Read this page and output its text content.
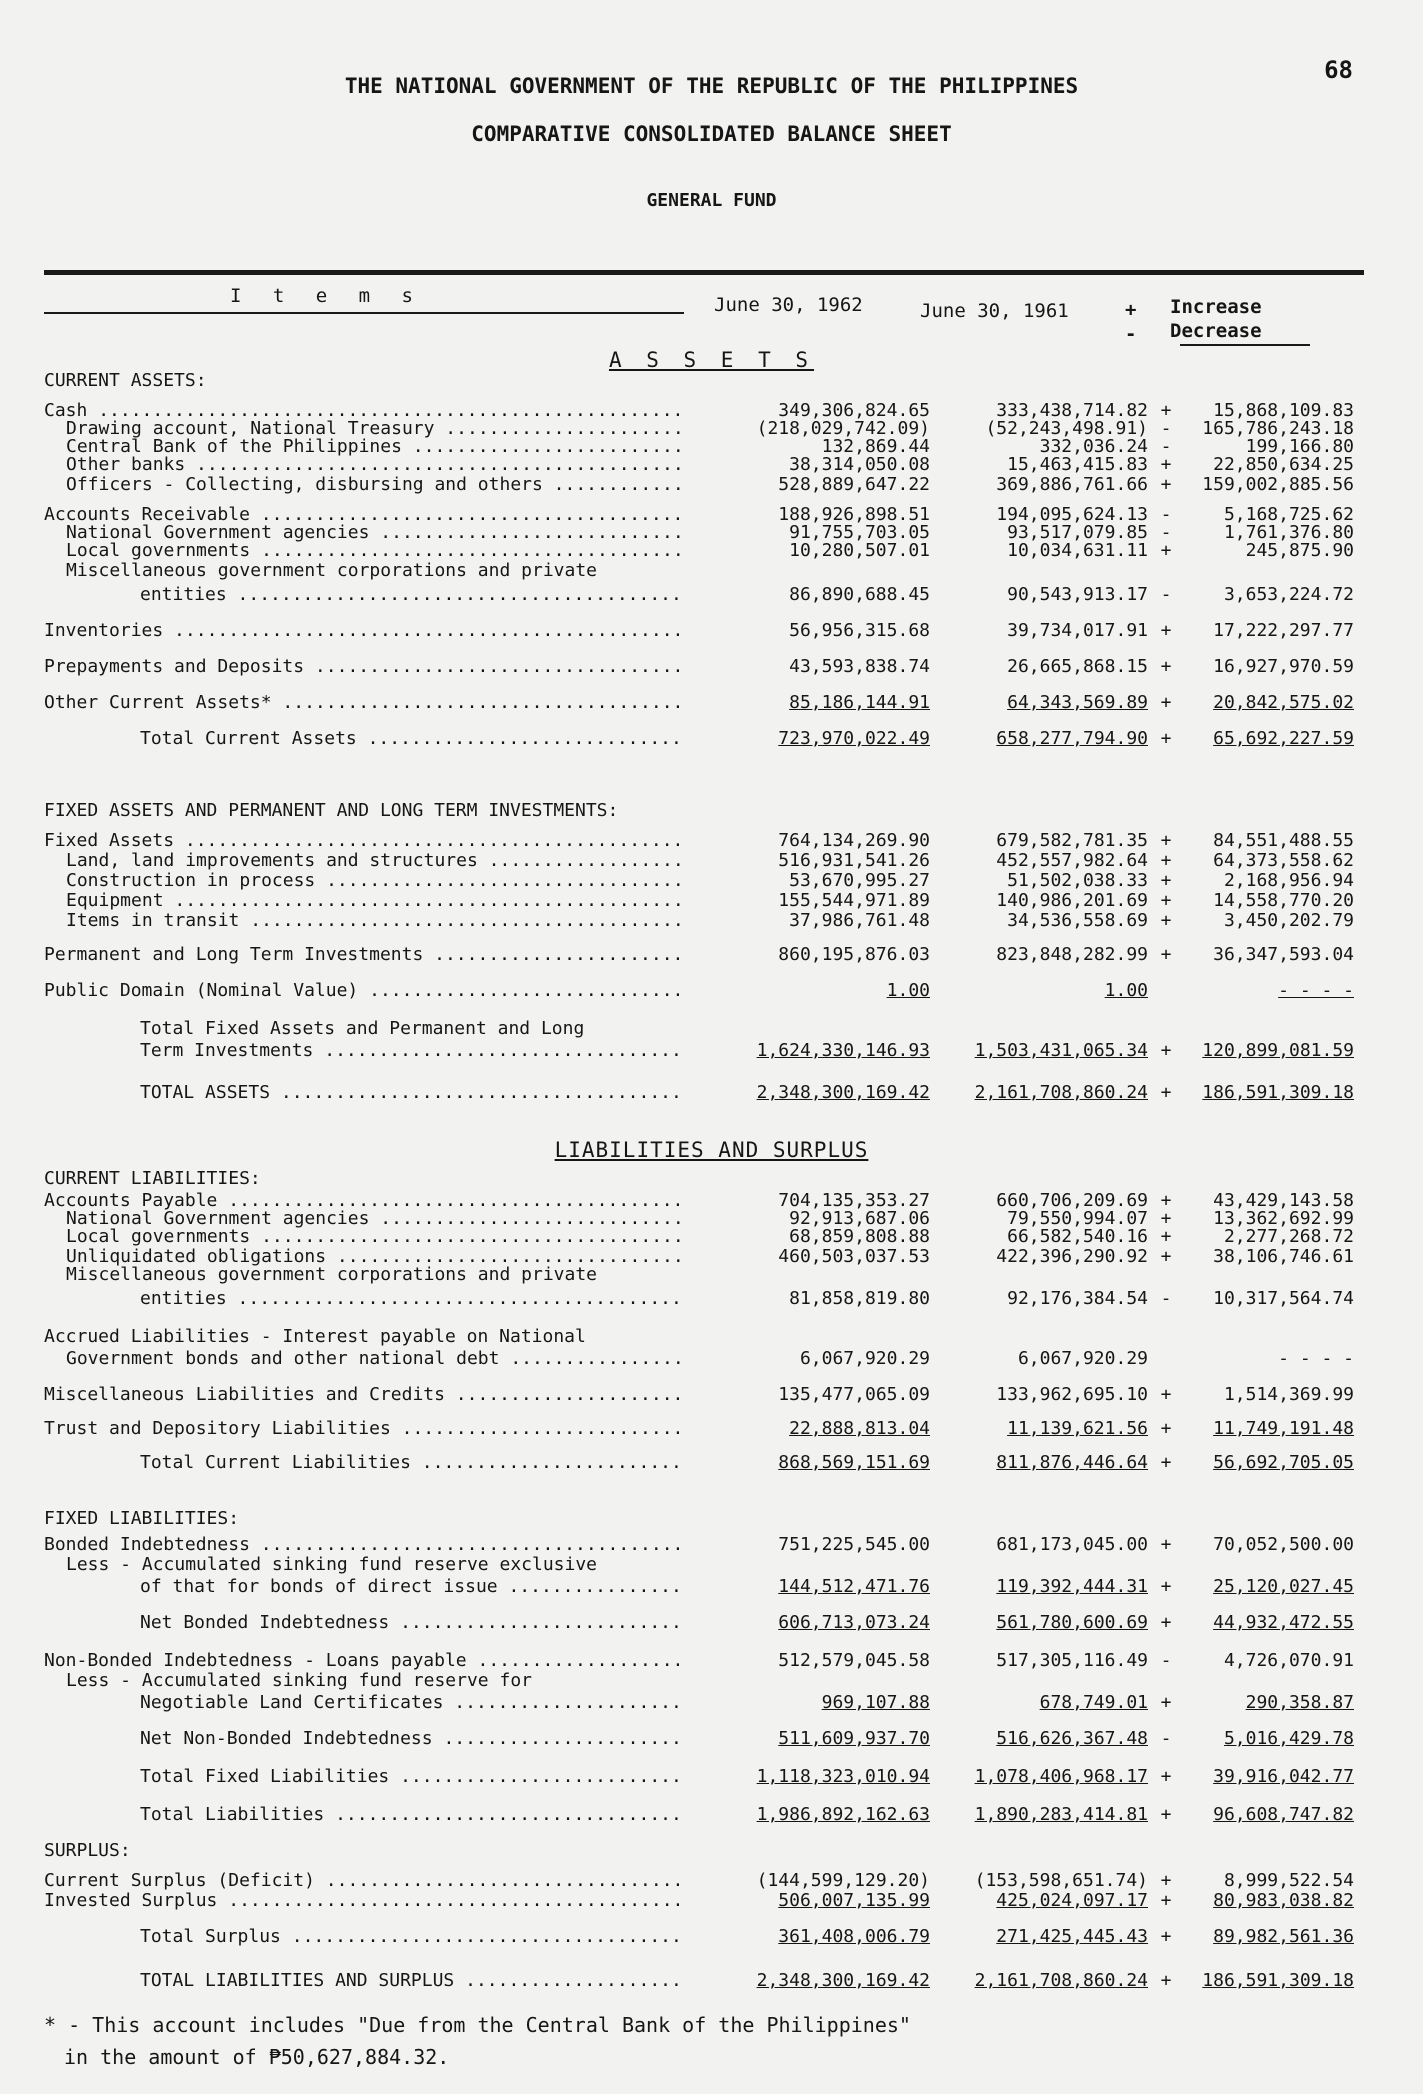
68
THE NATIONAL GOVERNMENT OF THE REPUBLIC OF THE PHILIPPINES
COMPARATIVE CONSOLIDATED BALANCE SHEET
GENERAL FUND
I t e m s	June 30, 1962	June 30, 1961	+ -
Increase
Decrease
A S S E T S
LIABILITIES AND SURPLUS
CURRENT ASSETS:
FIXED ASSETS AND PERMANENT AND LONG TERM INVESTMENTS:
CURRENT LIABILITIES:
FIXED LIABILITIES:
SURPLUS:
Cash .....	349,306,824.65	333,438,714.82 +	15,868,109.83
Drawing account, National Treasury .....	(218,029,742.09)	(52,243,498.91) -	165,786,243.18
Central Bank of the Philippines .....	132,869.44	332,036.24 -	199,166.80
Other banks .....	38,314,050.08	15,463,415.83 +	22,850,634.25
Officers - Collecting, disbursing and others .....	528,889,647.22	369,886,761.66 +	159,002,885.56
Accounts Receivable .....	188,926,898.51	194,095,624.13 -	5,168,725.62
National Government agencies .....	91,755,703.05	93,517,079.85 -	1,761,376.80
Local governments .....	10,280,507.01	10,034,631.11 +	245,875.90
Miscellaneous government corporations and private
entities .....	86,890,688.45	90,543,913.17 -	3,653,224.72
Inventories .....	56,956,315.68	39,734,017.91 +	17,222,297.77
Prepayments and Deposits .....	43,593,838.74	26,665,868.15 +	16,927,970.59
Other Current Assets* .....	85,186,144.91	64,343,569.89 +	20,842,575.02
Total Current Assets .....	723,970,022.49	658,277,794.90 +	65,692,227.59
Fixed Assets .....	764,134,269.90	679,582,781.35 +	84,551,488.55
Land, land improvements and structures .....	516,931,541.26	452,557,982.64 +	64,373,558.62
Construction in process .....	53,670,995.27	51,502,038.33 +	2,168,956.94
Equipment .....	155,544,971.89	140,986,201.69 +	14,558,770.20
Items in transit .....	37,986,761.48	34,536,558.69 +	3,450,202.79
Permanent and Long Term Investments .....	860,195,876.03	823,848,282.99 +	36,347,593.04
Public Domain (Nominal Value) .....	1.00	1.00	- - - -
Total Fixed Assets and Permanent and Long
Term Investments .....	1,624,330,146.93	1,503,431,065.34 +	120,899,081.59
TOTAL ASSETS .....	2,348,300,169.42	2,161,708,860.24 +	186,591,309.18
Accounts Payable .....	704,135,353.27	660,706,209.69 +	43,429,143.58
National Government agencies .....	92,913,687.06	79,550,994.07 +	13,362,692.99
Local governments .....	68,859,808.88	66,582,540.16 +	2,277,268.72
Unliquidated obligations .....	460,503,037.53	422,396,290.92 +	38,106,746.61
Miscellaneous government corporations and private
entities .....	81,858,819.80	92,176,384.54 -	10,317,564.74
Accrued Liabilities - Interest payable on National
Government bonds and other national debt .....	6,067,920.29	6,067,920.29	- - - -
Miscellaneous Liabilities and Credits .....	135,477,065.09	133,962,695.10 +	1,514,369.99
Trust and Depository Liabilities .....	22,888,813.04	11,139,621.56 +	11,749,191.48
Total Current Liabilities .....	868,569,151.69	811,876,446.64 +	56,692,705.05
Bonded Indebtedness .....	751,225,545.00	681,173,045.00 +	70,052,500.00
Less - Accumulated sinking fund reserve exclusive
of that for bonds of direct issue .....	144,512,471.76	119,392,444.31 +	25,120,027.45
Net Bonded Indebtedness .....	606,713,073.24	561,780,600.69 +	44,932,472.55
Non-Bonded Indebtedness - Loans payable .....	512,579,045.58	517,305,116.49 -	4,726,070.91
Less - Accumulated sinking fund reserve for
Negotiable Land Certificates .....	969,107.88	678,749.01 +	290,358.87
Net Non-Bonded Indebtedness .....	511,609,937.70	516,626,367.48 -	5,016,429.78
Total Fixed Liabilities .....	1,118,323,010.94	1,078,406,968.17 +	39,916,042.77
Total Liabilities .....	1,986,892,162.63	1,890,283,414.81 +	96,608,747.82
Current Surplus (Deficit) .....	(144,599,129.20)	(153,598,651.74) +	8,999,522.54
Invested Surplus .....	506,007,135.99	425,024,097.17 +	80,983,038.82
Total Surplus .....	361,408,006.79	271,425,445.43 +	89,982,561.36
TOTAL LIABILITIES AND SURPLUS .....	2,348,300,169.42	2,161,708,860.24 +	186,591,309.18
* - This account includes "Due from the Central Bank of the Philippines"
in the amount of ₱50,627,884.32.
